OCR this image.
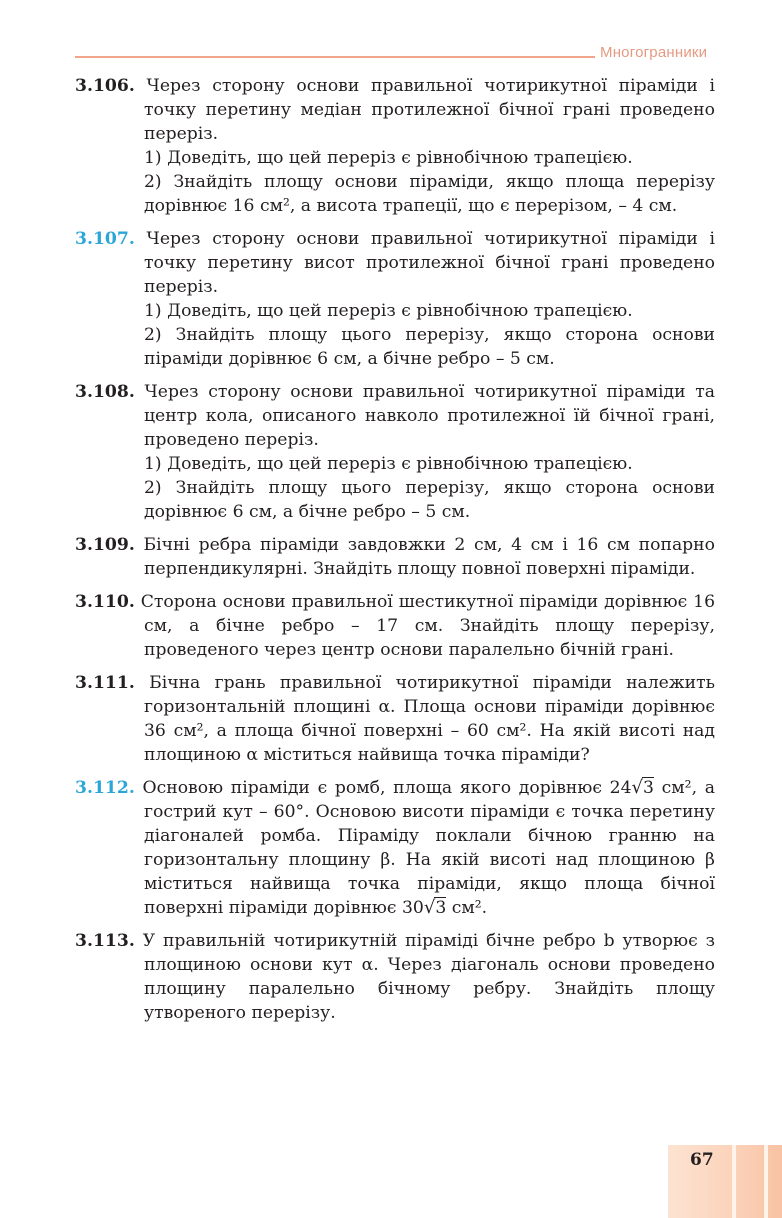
Многогранники

3.106. Через сторону основи правильної чотирикутної піраміди і точку перетину медіан протилежної бічної грані проведено переріз.

1) Доведіть, що цей переріз є рівнобічною трапецією.

2) Знайдіть площу основи піраміди, якщо площа перерізу дорівнює 16 см², а висота трапеції, що є перерізом, – 4 см.

3.107. Через сторону основи правильної чотирикутної піраміди і точку перетину висот протилежної бічної грані проведено переріз.

1) Доведіть, що цей переріз є рівнобічною трапецією.

2) Знайдіть площу цього перерізу, якщо сторона основи піраміди дорівнює 6 см, а бічне ребро – 5 см.

3.108. Через сторону основи правильної чотирикутної піраміди та центр кола, описаного навколо протилежної їй бічної грані, проведено переріз.

1) Доведіть, що цей переріз є рівнобічною трапецією.

2) Знайдіть площу цього перерізу, якщо сторона основи дорівнює 6 см, а бічне ребро – 5 см.

3.109. Бічні ребра піраміди завдовжки 2 см, 4 см і 16 см попарно перпендикулярні. Знайдіть площу повної поверхні піраміди.

3.110. Сторона основи правильної шестикутної піраміди дорівнює 16 см, а бічне ребро – 17 см. Знайдіть площу перерізу, проведеного через центр основи паралельно бічній грані.

3.111. Бічна грань правильної чотирикутної піраміди належить горизонтальній площині α. Площа основи піраміди дорівнює 36 см², а площа бічної поверхні – 60 см². На якій висоті над площиною α міститься найвища точка піраміди?

3.112. Основою піраміди є ромб, площа якого дорівнює 24√3 см², а гострий кут – 60°. Основою висоти піраміди є точка перетину діагоналей ромба. Піраміду поклали бічною гранню на горизонтальну площину β. На якій висоті над площиною β міститься найвища точка піраміди, якщо площа бічної поверхні піраміди дорівнює 30√3 см².

3.113. У правильній чотирикутній піраміді бічне ребро b утворює з площиною основи кут α. Через діагональ основи проведено площину паралельно бічному ребру. Знайдіть площу утвореного перерізу.

67
